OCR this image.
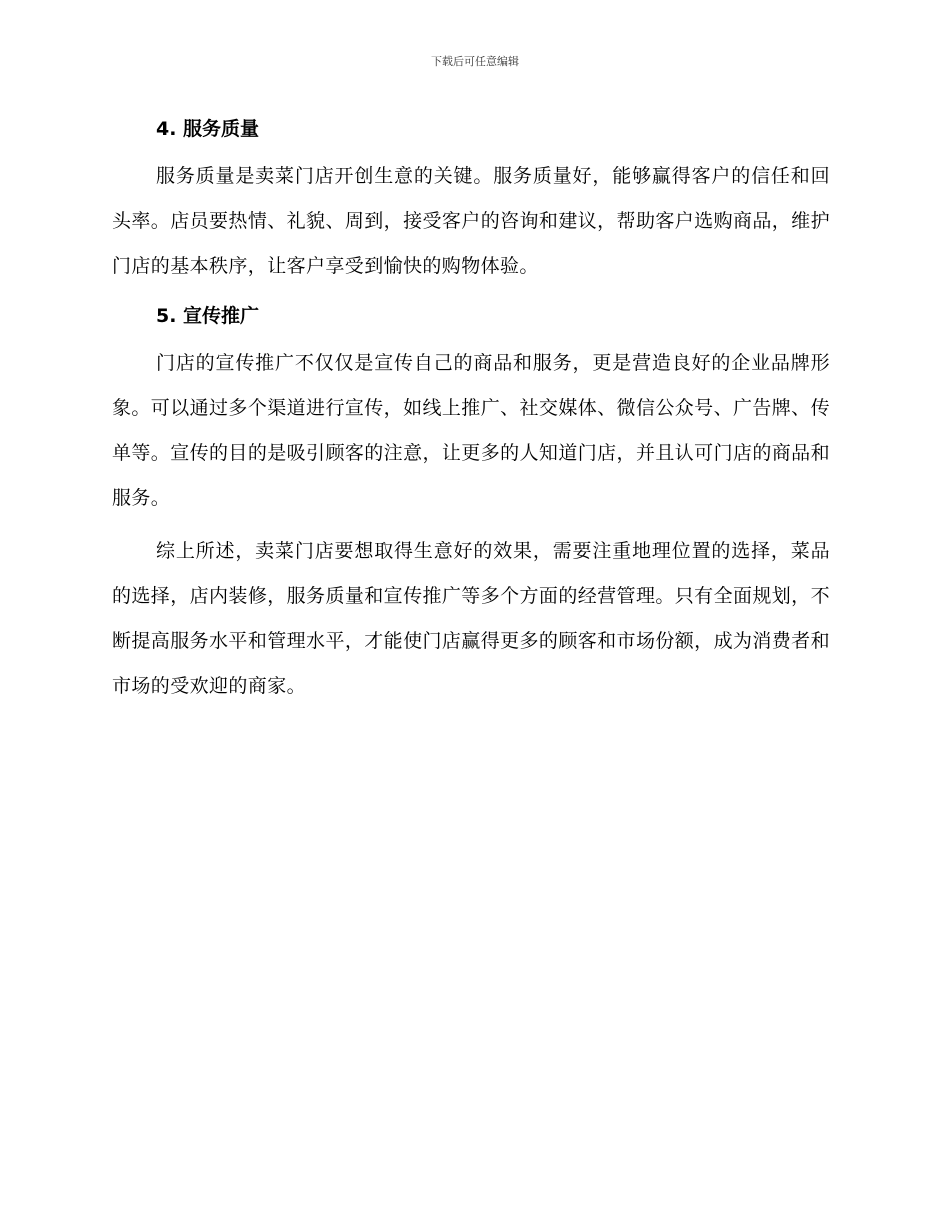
下载后可任意编辑
4. 服务质量

服务质量是卖菜门店开创生意的关键。服务质量好，能够赢得客户的信任和回头率。店员要热情、礼貌、周到，接受客户的咨询和建议，帮助客户选购商品，维护门店的基本秩序，让客户享受到愉快的购物体验。

5. 宣传推广

门店的宣传推广不仅仅是宣传自己的商品和服务，更是营造良好的企业品牌形象。可以通过多个渠道进行宣传，如线上推广、社交媒体、微信公众号、广告牌、传单等。宣传的目的是吸引顾客的注意，让更多的人知道门店，并且认可门店的商品和服务。

综上所述，卖菜门店要想取得生意好的效果，需要注重地理位置的选择，菜品的选择，店内装修，服务质量和宣传推广等多个方面的经营管理。只有全面规划，不断提高服务水平和管理水平，才能使门店赢得更多的顾客和市场份额，成为消费者和市场的受欢迎的商家。
